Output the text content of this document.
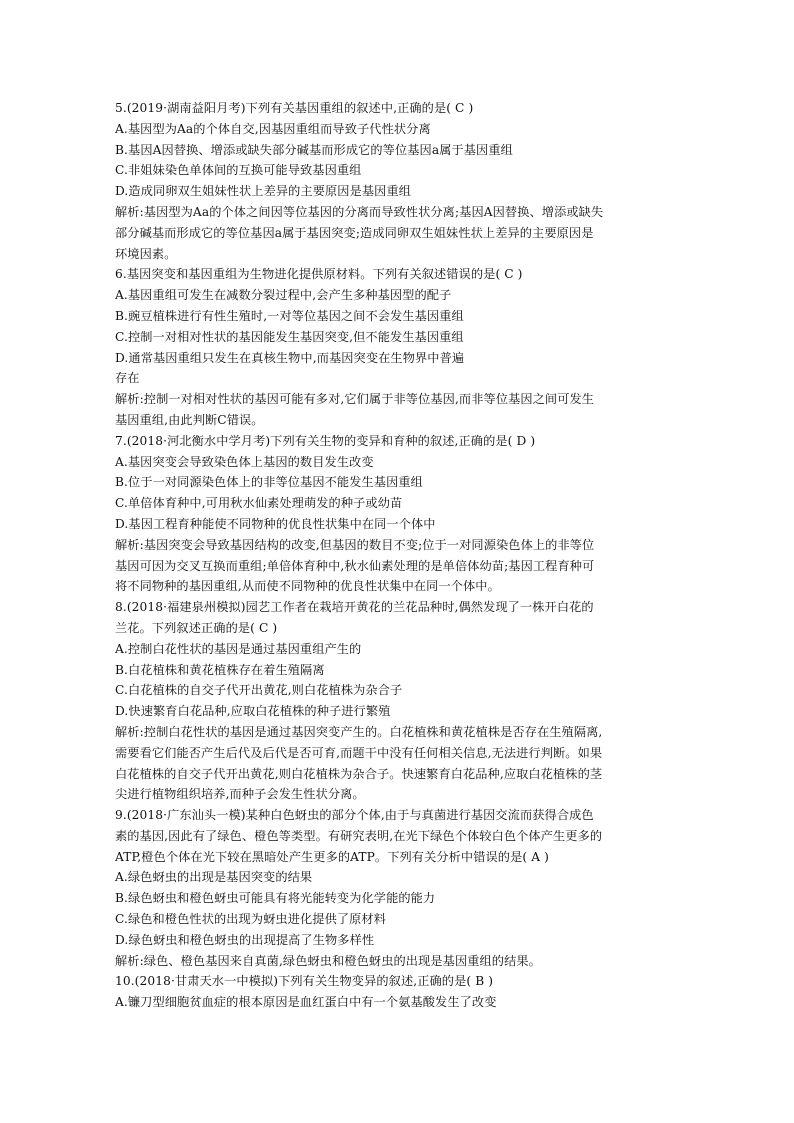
5.(2019·湖南益阳月考)下列有关基因重组的叙述中,正确的是( C )
A.基因型为Aa的个体自交,因基因重组而导致子代性状分离
B.基因A因替换、增添或缺失部分碱基而形成它的等位基因a属于基因重组
C.非姐妹染色单体间的互换可能导致基因重组
D.造成同卵双生姐妹性状上差异的主要原因是基因重组
解析:基因型为Aa的个体之间因等位基因的分离而导致性状分离;基因A因替换、增添或缺失
部分碱基而形成它的等位基因a属于基因突变;造成同卵双生姐妹性状上差异的主要原因是
环境因素。
6.基因突变和基因重组为生物进化提供原材料。下列有关叙述错误的是( C )
A.基因重组可发生在减数分裂过程中,会产生多种基因型的配子
B.豌豆植株进行有性生殖时,一对等位基因之间不会发生基因重组
C.控制一对相对性状的基因能发生基因突变,但不能发生基因重组
D.通常基因重组只发生在真核生物中,而基因突变在生物界中普遍
存在
解析:控制一对相对性状的基因可能有多对,它们属于非等位基因,而非等位基因之间可发生
基因重组,由此判断C错误。
7.(2018·河北衡水中学月考)下列有关生物的变异和育种的叙述,正确的是( D )
A.基因突变会导致染色体上基因的数目发生改变
B.位于一对同源染色体上的非等位基因不能发生基因重组
C.单倍体育种中,可用秋水仙素处理萌发的种子或幼苗
D.基因工程育种能使不同物种的优良性状集中在同一个体中
解析:基因突变会导致基因结构的改变,但基因的数目不变;位于一对同源染色体上的非等位
基因可因为交叉互换而重组;单倍体育种中,秋水仙素处理的是单倍体幼苗;基因工程育种可
将不同物种的基因重组,从而使不同物种的优良性状集中在同一个体中。
8.(2018·福建泉州模拟)园艺工作者在栽培开黄花的兰花品种时,偶然发现了一株开白花的
兰花。下列叙述正确的是( C )
A.控制白花性状的基因是通过基因重组产生的
B.白花植株和黄花植株存在着生殖隔离
C.白花植株的自交子代开出黄花,则白花植株为杂合子
D.快速繁育白花品种,应取白花植株的种子进行繁殖
解析:控制白花性状的基因是通过基因突变产生的。白花植株和黄花植株是否存在生殖隔离,
需要看它们能否产生后代及后代是否可育,而题干中没有任何相关信息,无法进行判断。如果
白花植株的自交子代开出黄花,则白花植株为杂合子。快速繁育白花品种,应取白花植株的茎
尖进行植物组织培养,而种子会发生性状分离。
9.(2018·广东汕头一模)某种白色蚜虫的部分个体,由于与真菌进行基因交流而获得合成色
素的基因,因此有了绿色、橙色等类型。有研究表明,在光下绿色个体较白色个体产生更多的
ATP,橙色个体在光下较在黑暗处产生更多的ATP。下列有关分析中错误的是( A )
A.绿色蚜虫的出现是基因突变的结果
B.绿色蚜虫和橙色蚜虫可能具有将光能转变为化学能的能力
C.绿色和橙色性状的出现为蚜虫进化提供了原材料
D.绿色蚜虫和橙色蚜虫的出现提高了生物多样性
解析:绿色、橙色基因来自真菌,绿色蚜虫和橙色蚜虫的出现是基因重组的结果。
10.(2018·甘肃天水一中模拟)下列有关生物变异的叙述,正确的是( B )
A.镰刀型细胞贫血症的根本原因是血红蛋白中有一个氨基酸发生了改变
